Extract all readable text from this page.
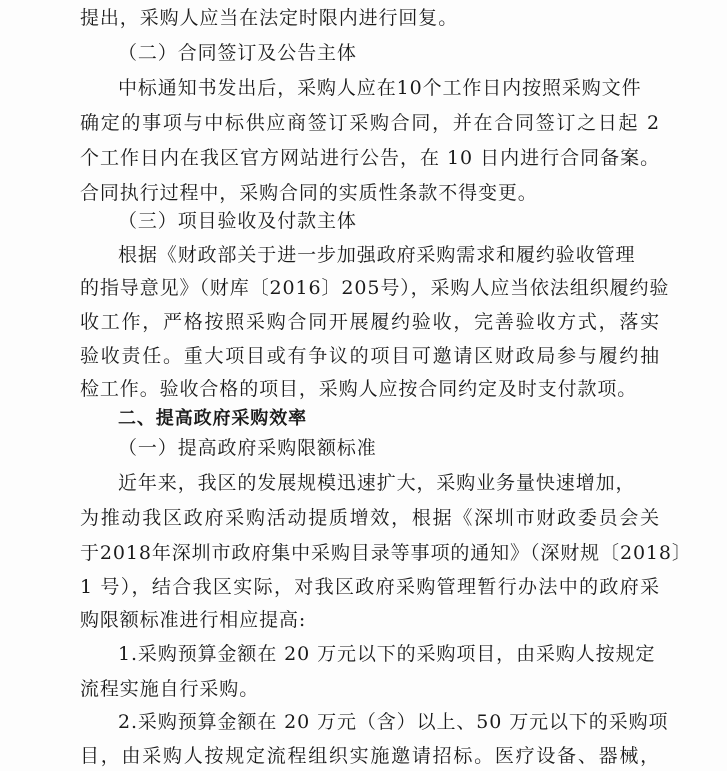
提出，采购人应当在法定时限内进行回复。
（二）合同签订及公告主体
中标通知书发出后，采购人应在10个工作日内按照采购文件
确定的事项与中标供应商签订采购合同，并在合同签订之日起 2
个工作日内在我区官方网站进行公告，在 10 日内进行合同备案。
合同执行过程中，采购合同的实质性条款不得变更。
（三）项目验收及付款主体
根据《财政部关于进一步加强政府采购需求和履约验收管理
的指导意见》（财库〔2016〕205号），采购人应当依法组织履约验
收工作，严格按照采购合同开展履约验收，完善验收方式，落实
验收责任。重大项目或有争议的项目可邀请区财政局参与履约抽
检工作。验收合格的项目，采购人应按合同约定及时支付款项。
二、提高政府采购效率
（一）提高政府采购限额标准
近年来，我区的发展规模迅速扩大，采购业务量快速增加，
为推动我区政府采购活动提质增效，根据《深圳市财政委员会关
于2018年深圳市政府集中采购目录等事项的通知》（深财规〔2018〕
1 号），结合我区实际，对我区政府采购管理暂行办法中的政府采
购限额标准进行相应提高:
1.采购预算金额在 20 万元以下的采购项目，由采购人按规定
流程实施自行采购。
2.采购预算金额在 20 万元（含）以上、50 万元以下的采购项
目，由采购人按规定流程组织实施邀请招标。医疗设备、器械，
